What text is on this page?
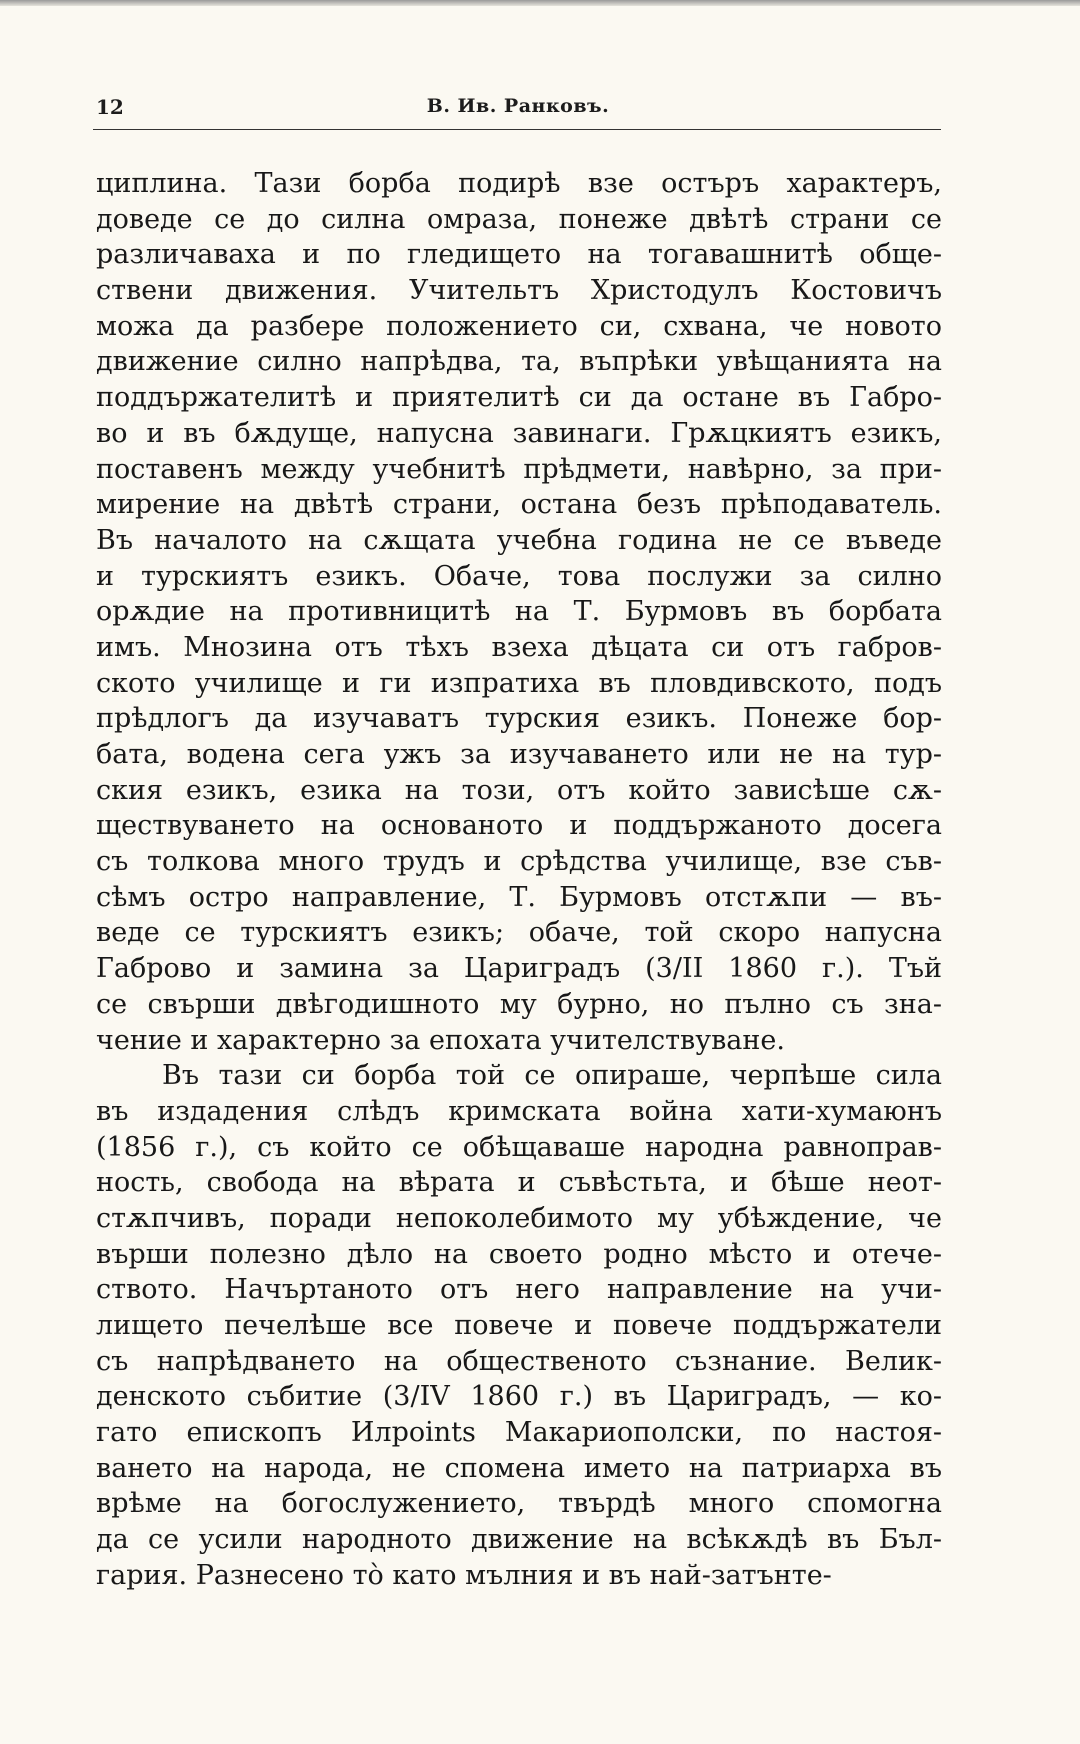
12	В. Ив. Ранковъ.
циплина. Тази борба подирѣ взе остъръ характеръ,
доведе се до силна омраза, понеже двѣтѣ страни се
различаваха и по гледището на тогавашнитѣ обще-
ствени движения. Учительтъ Христодулъ Костовичъ
можа да разбере положението си, схвана, че новото
движение силно напрѣдва, та, въпрѣки увѣщанията на
поддържателитѣ и приятелитѣ си да остане въ Габро-
во и въ бѫдуще, напусна завинаги. Грѫцкиятъ езикъ,
поставенъ между учебнитѣ прѣдмети, навѣрно, за при-
мирение на двѣтѣ страни, остана безъ прѣподаватель.
Въ началото на сѫщата учебна година не се въведе
и турскиятъ езикъ. Обаче, това послужи за силно
орѫдие на противницитѣ на Т. Бурмовъ въ борбата
имъ. Мнозина отъ тѣхъ взеха дѣцата си отъ габров-
ското училище и ги изпратиха въ пловдивското, подъ
прѣдлогъ да изучаватъ турския езикъ. Понеже бор-
бата, водена сега ужъ за изучаването или не на тур-
ския езикъ, езика на този, отъ който зависѣше сѫ-
ществуването на основаното и поддържаното досега
съ толкова много трудъ и срѣдства училище, взе съв-
сѣмъ остро направление, Т. Бурмовъ отстѫпи — въ-
веде се турскиятъ езикъ; обаче, той скоро напусна
Габрово и замина за Цариградъ (3/II 1860 г.). Тъй
се свърши двѣгодишното му бурно, но пълно съ зна-
чение и характерно за епохата учителствуване.
Въ тази си борба той се опираше, черпѣше сила
въ издадения слѣдъ кримската война хати-хумаюнъ
(1856 г.), съ който се обѣщаваше народна равноправ-
ность, свобода на вѣрата и съвѣстьта, и бѣше неот-
стѫпчивъ, поради непоколебимото му убѣждение, че
върши полезно дѣло на своето родно мѣсто и отече-
ството. Начъртаното отъ него направление на учи-
лището печелѣше все повече и повече поддържатели
съ напрѣдването на общественото съзнание. Велик-
денското събитие (3/IV 1860 г.) въ Цариградъ, — ко-
гато епископъ Илpoints Макариополски, по настоя-
ването на народа, не спомена името на патриарха въ
врѣме на богослужението, твърдѣ много спомогна
да се усили народното движение на всѣкѫдѣ въ Бъл-
гария. Разнесено то̀ като мълния и въ най-затънте-
